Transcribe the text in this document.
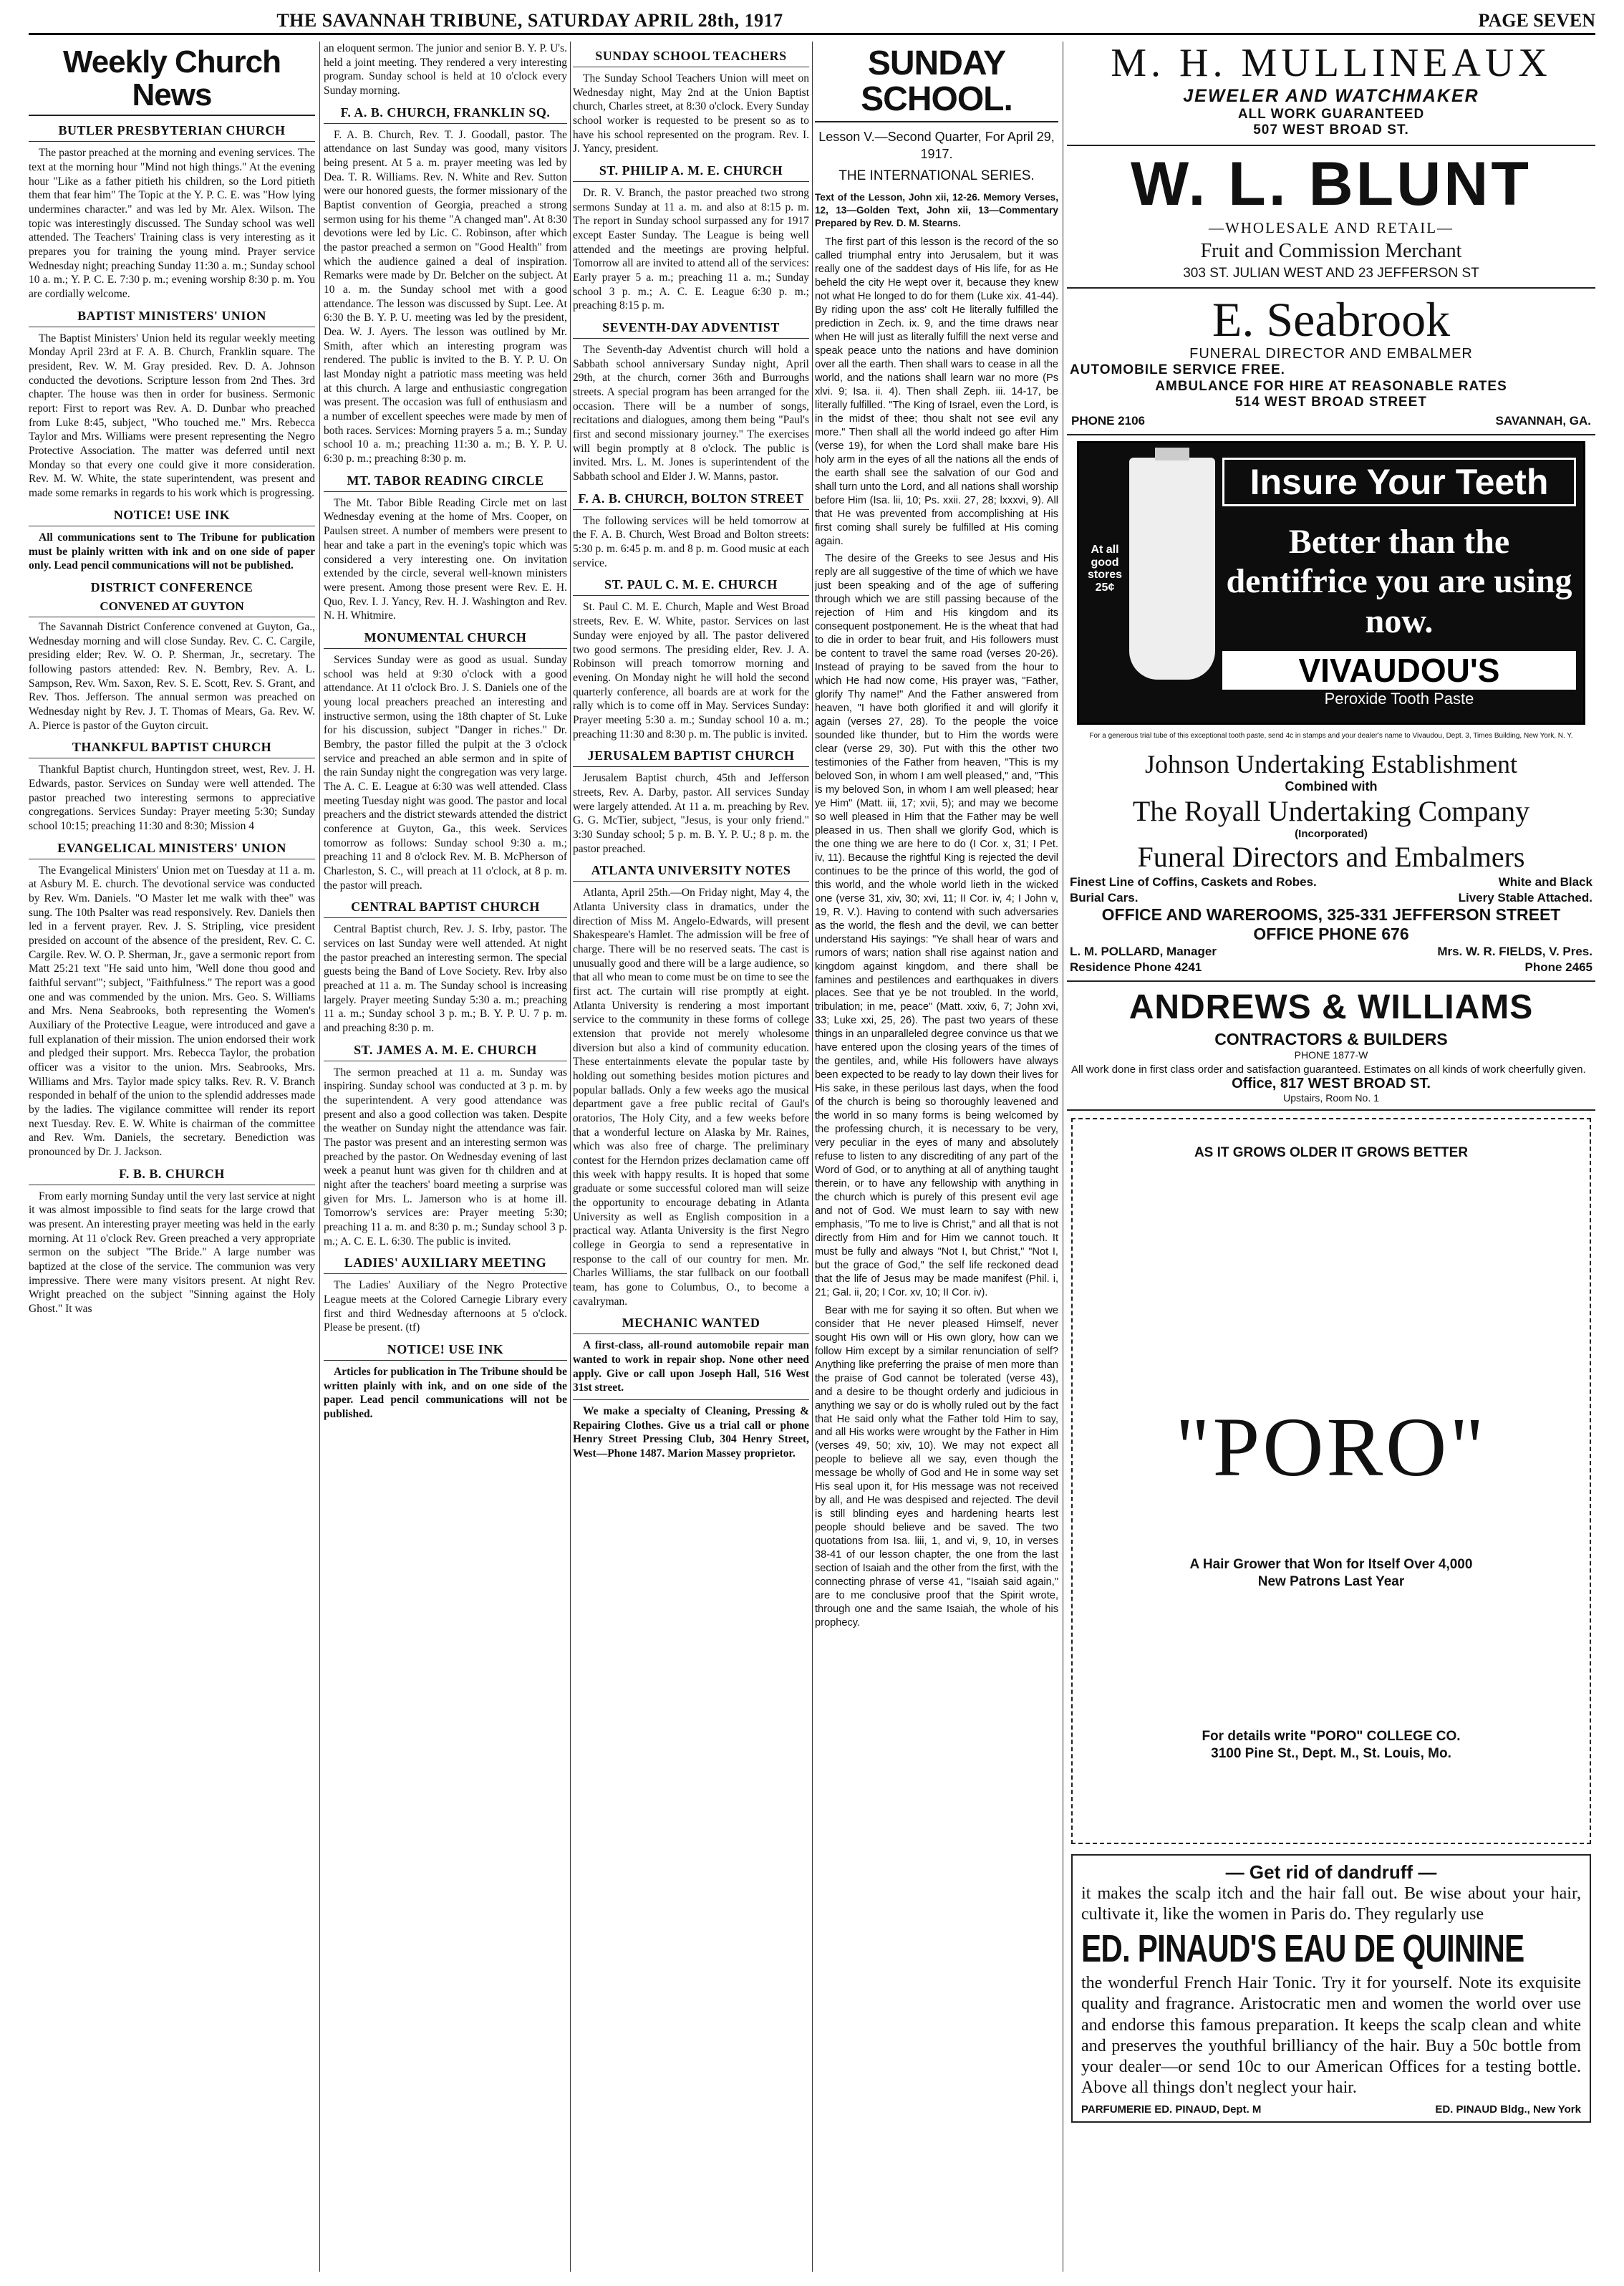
THE SAVANNAH TRIBUNE, SATURDAY APRIL 28th, 1917	PAGE SEVEN
Weekly Church News
BUTLER PRESBYTERIAN CHURCH

The pastor preached at the morning and evening services. The text at the morning hour "Mind not high things." At the evening hour "Like as a father pitieth his children, so the Lord pitieth them that fear him" The Topic at the Y. P. C. E. was "How lying undermines character." and was led by Mr. Alex. Wilson. The topic was interestingly discussed. The Sunday school was well attended. The Teachers' Training class is very interesting as it prepares you for training the young mind. Prayer service Wednesday night; preaching Sunday 11:30 a. m.; Sunday school 10 a. m.; Y. P. C. E. 7:30 p. m.; evening worship 8:30 p. m. You are cordially welcome.

BAPTIST MINISTERS' UNION

The Baptist Ministers' Union held its regular weekly meeting Monday April 23rd at F. A. B. Church, Franklin square. The president, Rev. W. M. Gray presided. Rev. D. A. Johnson conducted the devotions. Scripture lesson from 2nd Thes. 3rd chapter. The house was then in order for business. Sermonic report: First to report was Rev. A. D. Dunbar who preached from Luke 8:45, subject, "Who touched me." Mrs. Rebecca Taylor and Mrs. Williams were present representing the Negro Protective Association. The matter was deferred until next Monday so that every one could give it more consideration. Rev. M. W. White, the state superintendent, was present and made some remarks in regards to his work which is progressing.

NOTICE! USE INK

All communications sent to The Tribune for publication must be plainly written with ink and on one side of paper only. Lead pencil communications will not be published.

DISTRICT CONFERENCE
CONVENED AT GUYTON

The Savannah District Conference convened at Guyton, Ga., Wednesday morning and will close Sunday. Rev. C. C. Cargile, presiding elder; Rev. W. O. P. Sherman, Jr., secretary. The following pastors attended: Rev. N. Bembry, Rev. A. L. Sampson, Rev. Wm. Saxon, Rev. S. E. Scott, Rev. S. Grant, and Rev. Thos. Jefferson. The annual sermon was preached on Wednesday night by Rev. J. T. Thomas of Mears, Ga. Rev. W. A. Pierce is pastor of the Guyton circuit.

THANKFUL BAPTIST CHURCH

Thankful Baptist church, Huntingdon street, west, Rev. J. H. Edwards, pastor. Services on Sunday were well attended. The pastor preached two interesting sermons to appreciative congregations. Services Sunday: Prayer meeting 5:30; Sunday school 10:15; preaching 11:30 and 8:30; Mission 4

EVANGELICAL MINISTERS' UNION

The Evangelical Ministers' Union met on Tuesday at 11 a. m. at Asbury M. E. church. The devotional service was conducted by Rev. Wm. Daniels. "O Master let me walk with thee" was sung. The 10th Psalter was read responsively. Rev. Daniels then led in a fervent prayer. Rev. J. S. Stripling, vice president presided on account of the absence of the president, Rev. C. C. Cargile. Rev. W. O. P. Sherman, Jr., gave a sermonic report from Matt 25:21 text "He said unto him, 'Well done thou good and faithful servant'"; subject, "Faithfulness." The report was a good one and was commended by the union. Mrs. Geo. S. Williams and Mrs. Nena Seabrooks, both representing the Women's Auxiliary of the Protective League, were introduced and gave a full explanation of their mission. The union endorsed their work and pledged their support. Mrs. Rebecca Taylor, the probation officer was a visitor to the union. Mrs. Seabrooks, Mrs. Williams and Mrs. Taylor made spicy talks. Rev. R. V. Branch responded in behalf of the union to the splendid addresses made by the ladies. The vigilance committee will render its report next Tuesday. Rev. E. W. White is chairman of the committee and Rev. Wm. Daniels, the secretary. Benediction was pronounced by Dr. J. Jackson.

F. B. B. CHURCH

From early morning Sunday until the very last service at night it was almost impossible to find seats for the large crowd that was present. An interesting prayer meeting was held in the early morning. At 11 o'clock Rev. Green preached a very appropriate sermon on the subject "The Bride." A large number was baptized at the close of the service. The communion was very impressive. There were many visitors present. At night Rev. Wright preached on the subject "Sinning against the Holy Ghost." It was

an eloquent sermon. The junior and senior B. Y. P. U's. held a joint meeting. They rendered a very interesting program. Sunday school is held at 10 o'clock every Sunday morning.

F. A. B. CHURCH, FRANKLIN SQ.

F. A. B. Church, Rev. T. J. Goodall, pastor. The attendance on last Sunday was good, many visitors being present. At 5 a. m. prayer meeting was led by Dea. T. R. Williams. Rev. N. White and Rev. Sutton were our honored guests, the former missionary of the Baptist convention of Georgia, preached a strong sermon using for his theme "A changed man". At 8:30 devotions were led by Lic. C. Robinson, after which the pastor preached a sermon on "Good Health" from which the audience gained a deal of inspiration. Remarks were made by Dr. Belcher on the subject. At 10 a. m. the Sunday school met with a good attendance. The lesson was discussed by Supt. Lee. At 6:30 the B. Y. P. U. meeting was led by the president, Dea. W. J. Ayers. The lesson was outlined by Mr. Smith, after which an interesting program was rendered. The public is invited to the B. Y. P. U. On last Monday night a patriotic mass meeting was held at this church. A large and enthusiastic congregation was present. The occasion was full of enthusiasm and a number of excellent speeches were made by men of both races. Services: Morning prayers 5 a. m.; Sunday school 10 a. m.; preaching 11:30 a. m.; B. Y. P. U. 6:30 p. m.; preaching 8:30 p. m.

MT. TABOR READING CIRCLE

The Mt. Tabor Bible Reading Circle met on last Wednesday evening at the home of Mrs. Cooper, on Paulsen street. A number of members were present to hear and take a part in the evening's topic which was considered a very interesting one. On invitation extended by the circle, several well-known ministers were present. Among those present were Rev. E. H. Quo, Rev. I. J. Yancy, Rev. H. J. Washington and Rev. N. H. Whitmire.

MONUMENTAL CHURCH

Services Sunday were as good as usual. Sunday school was held at 9:30 o'clock with a good attendance. At 11 o'clock Bro. J. S. Daniels one of the young local preachers preached an interesting and instructive sermon, using the 18th chapter of St. Luke for his discussion, subject "Danger in riches." Dr. Bembry, the pastor filled the pulpit at the 3 o'clock service and preached an able sermon and in spite of the rain Sunday night the congregation was very large. The A. C. E. League at 6:30 was well attended. Class meeting Tuesday night was good. The pastor and local preachers and the district stewards attended the district conference at Guyton, Ga., this week. Services tomorrow as follows: Sunday school 9:30 a. m.; preaching 11 and 8 o'clock Rev. M. B. McPherson of Charleston, S. C., will preach at 11 o'clock, at 8 p. m. the pastor will preach.

CENTRAL BAPTIST CHURCH

Central Baptist church, Rev. J. S. Irby, pastor. The services on last Sunday were well attended. At night the pastor preached an interesting sermon. The special guests being the Band of Love Society. Rev. Irby also preached at 11 a. m. The Sunday school is increasing largely. Prayer meeting Sunday 5:30 a. m.; preaching 11 a. m.; Sunday school 3 p. m.; B. Y. P. U. 7 p. m. and preaching 8:30 p. m.

ST. JAMES A. M. E. CHURCH

The sermon preached at 11 a. m. Sunday was inspiring. Sunday school was conducted at 3 p. m. by the superintendent. A very good attendance was present and also a good collection was taken. Despite the weather on Sunday night the attendance was fair. The pastor was present and an interesting sermon was preached by the pastor. On Wednesday evening of last week a peanut hunt was given for th children and at night after the teachers' board meeting a surprise was given for Mrs. L. Jamerson who is at home ill. Tomorrow's services are: Prayer meeting 5:30; preaching 11 a. m. and 8:30 p. m.; Sunday school 3 p. m.; A. C. E. L. 6:30. The public is invited.

LADIES' AUXILIARY MEETING

The Ladies' Auxiliary of the Negro Protective League meets at the Colored Carnegie Library every first and third Wednesday afternoons at 5 o'clock. Please be present. (tf)

NOTICE! USE INK

Articles for publication in The Tribune should be written plainly with ink, and on one side of the paper. Lead pencil communications will not be published.

SUNDAY SCHOOL TEACHERS

The Sunday School Teachers Union will meet on Wednesday night, May 2nd at the Union Baptist church, Charles street, at 8:30 o'clock. Every Sunday school worker is requested to be present so as to have his school represented on the program. Rev. I. J. Yancy, president.

ST. PHILIP A. M. E. CHURCH

Dr. R. V. Branch, the pastor preached two strong sermons Sunday at 11 a. m. and also at 8:15 p. m. The report in Sunday school surpassed any for 1917 except Easter Sunday. The League is being well attended and the meetings are proving helpful. Tomorrow all are invited to attend all of the services: Early prayer 5 a. m.; preaching 11 a. m.; Sunday school 3 p. m.; A. C. E. League 6:30 p. m.; preaching 8:15 p. m.

SEVENTH-DAY ADVENTIST

The Seventh-day Adventist church will hold a Sabbath school anniversary Sunday night, April 29th, at the church, corner 36th and Burroughs streets. A special program has been arranged for the occasion. There will be a number of songs, recitations and dialogues, among them being "Paul's first and second missionary journey." The exercises will begin promptly at 8 o'clock. The public is invited. Mrs. L. M. Jones is superintendent of the Sabbath school and Elder J. W. Manns, pastor.

F. A. B. CHURCH, BOLTON STREET

The following services will be held tomorrow at the F. A. B. Church, West Broad and Bolton streets: 5:30 p. m. 6:45 p. m. and 8 p. m. Good music at each service.

ST. PAUL C. M. E. CHURCH

St. Paul C. M. E. Church, Maple and West Broad streets, Rev. E. W. White, pastor. Services on last Sunday were enjoyed by all. The pastor delivered two good sermons. The presiding elder, Rev. J. A. Robinson will preach tomorrow morning and evening. On Monday night he will hold the second quarterly conference, all boards are at work for the rally which is to come off in May. Services Sunday: Prayer meeting 5:30 a. m.; Sunday school 10 a. m.; preaching 11:30 and 8:30 p. m. The public is invited.

JERUSALEM BAPTIST CHURCH

Jerusalem Baptist church, 45th and Jefferson streets, Rev. A. Darby, pastor. All services Sunday were largely attended. At 11 a. m. preaching by Rev. G. G. McTier, subject, "Jesus, is your only friend." 3:30 Sunday school; 5 p. m. B. Y. P. U.; 8 p. m. the pastor preached.

ATLANTA UNIVERSITY NOTES

Atlanta, April 25th.—On Friday night, May 4, the Atlanta University class in dramatics, under the direction of Miss M. Angelo-Edwards, will present Shakespeare's Hamlet. The admission will be free of charge. There will be no reserved seats. The cast is unusually good and there will be a large audience, so that all who mean to come must be on time to see the first act. The curtain will rise promptly at eight. Atlanta University is rendering a most important service to the community in these forms of college extension that provide not merely wholesome diversion but also a kind of community education. These entertainments elevate the popular taste by holding out something besides motion pictures and popular ballads. Only a few weeks ago the musical department gave a free public recital of Gaul's oratorios, The Holy City, and a few weeks before that a wonderful lecture on Alaska by Mr. Raines, which was also free of charge. The preliminary contest for the Herndon prizes declamation came off this week with happy results. It is hoped that some graduate or some successful colored man will seize the opportunity to encourage debating in Atlanta University as well as English composition in a practical way. Atlanta University is the first Negro college in Georgia to send a representative in response to the call of our country for men. Mr. Charles Williams, the star fullback on our football team, has gone to Columbus, O., to become a cavalryman.

MECHANIC WANTED

A first-class, all-round automobile repair man wanted to work in repair shop. None other need apply. Give or call upon Joseph Hall, 516 West 31st street.

We make a specialty of Cleaning, Pressing & Repairing Clothes. Give us a trial call or phone Henry Street Pressing Club, 304 Henry Street, West—Phone 1487. Marion Massey proprietor.

SUNDAY SCHOOL.
Lesson V.—Second Quarter, For April 29, 1917.
THE INTERNATIONAL SERIES.
Text of the Lesson, John xii, 12-26. Memory Verses, 12, 13—Golden Text, John xii, 13—Commentary Prepared by Rev. D. M. Stearns.

The first part of this lesson is the record of the so called triumphal entry into Jerusalem, but it was really one of the saddest days of His life, for as He beheld the city He wept over it, because they knew not what He longed to do for them (Luke xix. 41-44). By riding upon the ass' colt He literally fulfilled the prediction in Zech. ix. 9, and the time draws near when He will just as literally fulfill the next verse and speak peace unto the nations and have dominion over all the earth. Then shall wars to cease in all the world, and the nations shall learn war no more (Ps xlvi. 9; Isa. ii. 4). Then shall Zeph. iii. 14-17, be literally fulfilled. "The King of Israel, even the Lord, is in the midst of thee; thou shalt not see evil any more." Then shall all the world indeed go after Him (verse 19), for when the Lord shall make bare His holy arm in the eyes of all the nations all the ends of the earth shall see the salvation of our God and shall turn unto the Lord, and all nations shall worship before Him (Isa. lii, 10; Ps. xxii. 27, 28; lxxxvi, 9). All that He was prevented from accomplishing at His first coming shall surely be fulfilled at His coming again.

The desire of the Greeks to see Jesus and His reply are all suggestive of the time of which we have just been speaking and of the age of suffering through which we are still passing because of the rejection of Him and His kingdom and its consequent postponement. He is the wheat that had to die in order to bear fruit, and His followers must be content to travel the same road (verses 20-26). Instead of praying to be saved from the hour to which He had now come, His prayer was, "Father, glorify Thy name!" And the Father answered from heaven, "I have both glorified it and will glorify it again (verses 27, 28). To the people the voice sounded like thunder, but to Him the words were clear (verse 29, 30). Put with this the other two testimonies of the Father from heaven, "This is my beloved Son, in whom I am well pleased," and, "This is my beloved Son, in whom I am well pleased; hear ye Him" (Matt. iii, 17; xvii, 5); and may we become so well pleased in Him that the Father may be well pleased in us. Then shall we glorify God, which is the one thing we are here to do (I Cor. x, 31; I Pet. iv, 11). Because the rightful King is rejected the devil continues to be the prince of this world, the god of this world, and the whole world lieth in the wicked one (verse 31, xiv, 30; xvi, 11; II Cor. iv, 4; I John v, 19, R. V.). Having to contend with such adversaries as the world, the flesh and the devil, we can better understand His sayings: "Ye shall hear of wars and rumors of wars; nation shall rise against nation and kingdom against kingdom, and there shall be famines and pestilences and earthquakes in divers places. See that ye be not troubled. In the world, tribulation; in me, peace" (Matt. xxiv, 6, 7; John xvi, 33; Luke xxi, 25, 26). The past two years of these things in an unparalleled degree convince us that we have entered upon the closing years of the times of the gentiles, and, while His followers have always been expected to be ready to lay down their lives for His sake, in these perilous last days, when the food of the church is being so thoroughly leavened and the world in so many forms is being welcomed by the professing church, it is necessary to be very, very peculiar in the eyes of many and absolutely refuse to listen to any discrediting of any part of the Word of God, or to anything at all of anything taught therein, or to have any fellowship with anything in the church which is purely of this present evil age and not of God. We must learn to say with new emphasis, "To me to live is Christ," and all that is not directly from Him and for Him we cannot touch. It must be fully and always "Not I, but Christ," "Not I, but the grace of God," the self life reckoned dead that the life of Jesus may be made manifest (Phil. i, 21; Gal. ii, 20; I Cor. xv, 10; II Cor. iv).

Bear with me for saying it so often. But when we consider that He never pleased Himself, never sought His own will or His own glory, how can we follow Him except by a similar renunciation of self? Anything like preferring the praise of men more than the praise of God cannot be tolerated (verse 43), and a desire to be thought orderly and judicious in anything we say or do is wholly ruled out by the fact that He said only what the Father told Him to say, and all His works were wrought by the Father in Him (verses 49, 50; xiv, 10). We may not expect all people to believe all we say, even though the message be wholly of God and He in some way set His seal upon it, for His message was not received by all, and He was despised and rejected. The devil is still blinding eyes and hardening hearts lest people should believe and be saved. The two quotations from Isa. liii, 1, and vi, 9, 10, in verses 38-41 of our lesson chapter, the one from the last section of Isaiah and the other from the first, with the connecting phrase of verse 41, "Isaiah said again," are to me conclusive proof that the Spirit wrote, through one and the same Isaiah, the whole of his prophecy.

M. H. MULLINEAUX
JEWELER AND WATCHMAKER
ALL WORK GUARANTEED
507 WEST BROAD ST.
W. L. BLUNT
—WHOLESALE AND RETAIL—
Fruit and Commission Merchant
303 ST. JULIAN WEST AND 23 JEFFERSON ST
E. Seabrook
FUNERAL DIRECTOR AND EMBALMER
AUTOMOBILE SERVICE FREE.
AMBULANCE FOR HIRE AT REASONABLE RATES
514 WEST BROAD STREET
PHONE 2106	SAVANNAH, GA.
At all good stores 25¢
Insure Your Teeth
Better than the dentifrice you are using now.
VIVAUDOU'S
Peroxide Tooth Paste
For a generous trial tube of this exceptional tooth paste, send 4c in stamps and your dealer's name to Vivaudou, Dept. 3, Times Building, New York, N. Y.
Johnson Undertaking Establishment
Combined with
The Royall Undertaking Company
(Incorporated)
Funeral Directors and Embalmers
Finest Line of Coffins, Caskets and Robes.	White and Black
Burial Cars.	Livery Stable Attached.
OFFICE AND WAREROOMS, 325-331 JEFFERSON STREET
OFFICE PHONE 676
L. M. POLLARD, Manager	Mrs. W. R. FIELDS, V. Pres.
Residence Phone 4241	Phone 2465
ANDREWS & WILLIAMS
CONTRACTORS & BUILDERS
PHONE 1877-W
All work done in first class order and satisfaction guaranteed. Estimates on all kinds of work cheerfully given.
Office, 817 WEST BROAD ST.
Upstairs, Room No. 1
AS IT GROWS OLDER IT GROWS BETTER
"PORO"
A Hair Grower that Won for Itself Over 4,000
New Patrons Last Year
For details write "PORO" COLLEGE CO.
3100 Pine St., Dept. M., St. Louis, Mo.
— Get rid of dandruff —
it makes the scalp itch and the hair fall out. Be wise about your hair, cultivate it, like the women in Paris do. They regularly use
ED. PINAUD'S EAU DE QUININE
the wonderful French Hair Tonic. Try it for yourself. Note its exquisite quality and fragrance. Aristocratic men and women the world over use and endorse this famous preparation. It keeps the scalp clean and white and preserves the youthful brilliancy of the hair. Buy a 50c bottle from your dealer—or send 10c to our American Offices for a testing bottle. Above all things don't neglect your hair.
PARFUMERIE ED. PINAUD, Dept. M	ED. PINAUD Bldg., New York
